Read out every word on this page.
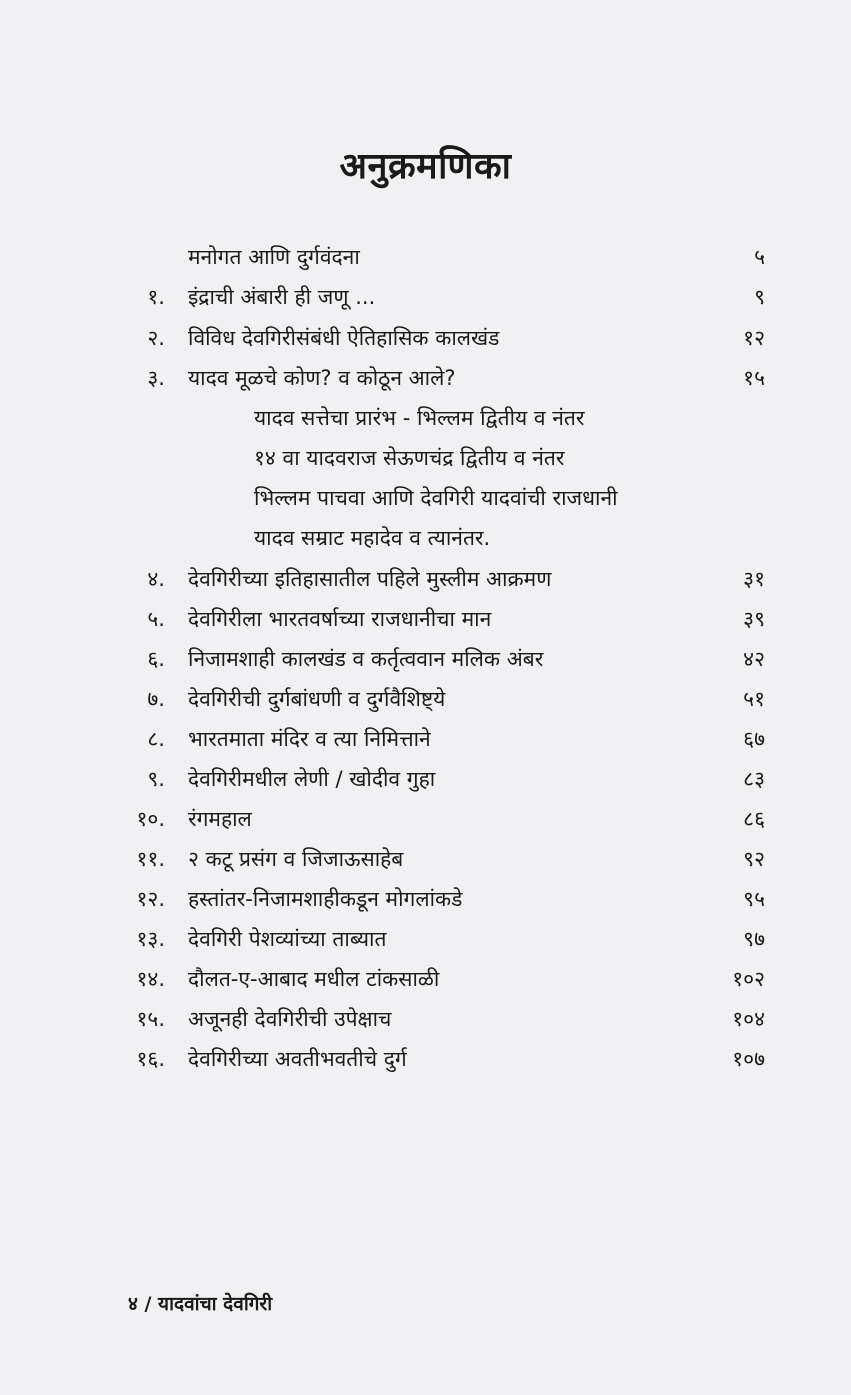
अनुक्रमणिका
मनोगत आणि दुर्गवंदना	५
१. इंद्राची अंबारी ही जणू ...	९
२. विविध देवगिरीसंबंधी ऐतिहासिक कालखंड	१२
३. यादव मूळचे कोण? व कोठून आले?	१५
यादव सत्तेचा प्रारंभ - भिल्लम द्वितीय व नंतर
१४ वा यादवराज सेऊणचंद्र द्वितीय व नंतर
भिल्लम पाचवा आणि देवगिरी यादवांची राजधानी
यादव सम्राट महादेव व त्यानंतर.
४. देवगिरीच्या इतिहासातील पहिले मुस्लीम आक्रमण	३१
५. देवगिरीला भारतवर्षाच्या राजधानीचा मान	३९
६. निजामशाही कालखंड व कर्तृत्ववान मलिक अंबर	४२
७. देवगिरीची दुर्गबांधणी व दुर्गवैशिष्ट्ये	५१
८. भारतमाता मंदिर व त्या निमित्ताने	६७
९. देवगिरीमधील लेणी / खोदीव गुहा	८३
१०. रंगमहाल	८६
११. २ कटू प्रसंग व जिजाऊसाहेब	९२
१२. हस्तांतर-निजामशाहीकडून मोगलांकडे	९५
१३. देवगिरी पेशव्यांच्या ताब्यात	९७
१४. दौलत-ए-आबाद मधील टांकसाळी	१०२
१५. अजूनही देवगिरीची उपेक्षाच	१०४
१६. देवगिरीच्या अवतीभवतीचे दुर्ग	१०७
४ / यादवांचा देवगिरी
